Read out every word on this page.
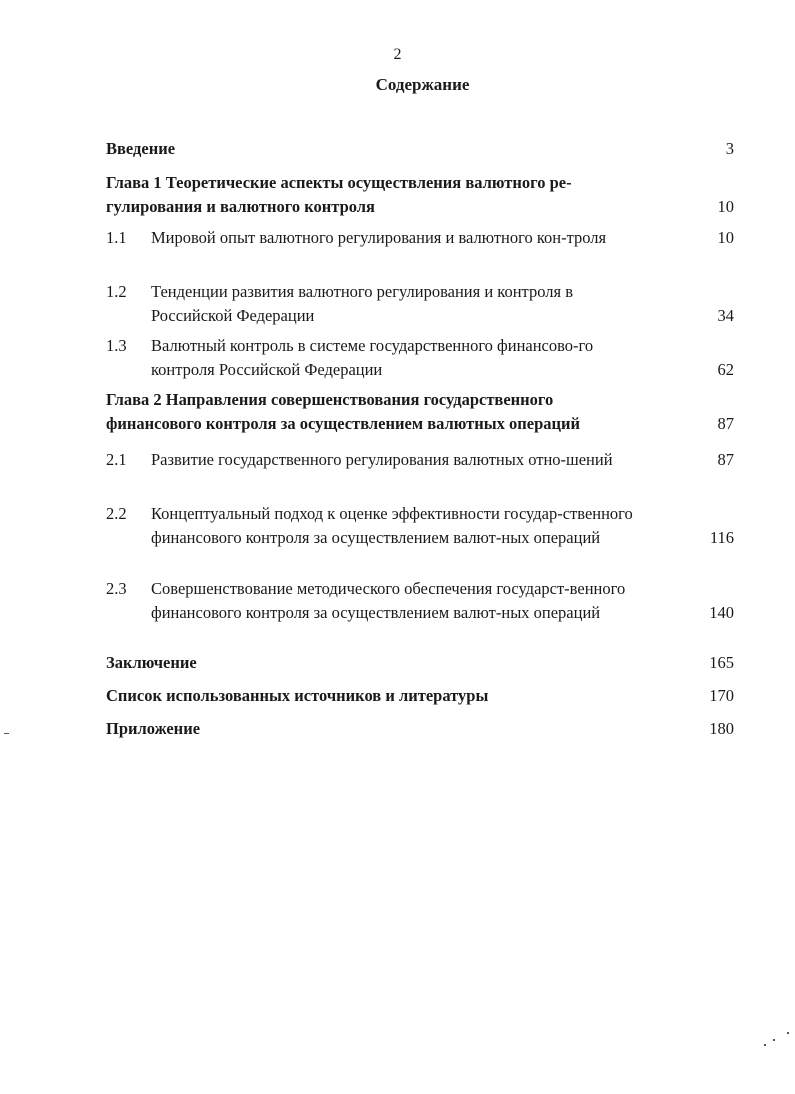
2
Содержание
Введение	3
Глава 1 Теоретические аспекты осуществления валютного ре-гулирования и валютного контроля	10
1.1 Мировой опыт валютного регулирования и валютного кон-троля	10
1.2 Тенденции развития валютного регулирования и контроля в Российской Федерации	34
1.3 Валютный контроль в системе государственного финансово-го контроля Российской Федерации	62
Глава 2 Направления совершенствования государственного финансового контроля за осуществлением валютных операций	87
2.1 Развитие государственного регулирования валютных отно-шений	87
2.2 Концептуальный подход к оценке эффективности государ-ственного финансового контроля за осуществлением валют-ных операций	116
2.3 Совершенствование методического обеспечения государст-венного финансового контроля за осуществлением валют-ных операций	140
Заключение	165
Список использованных источников и литературы	170
Приложение	180
